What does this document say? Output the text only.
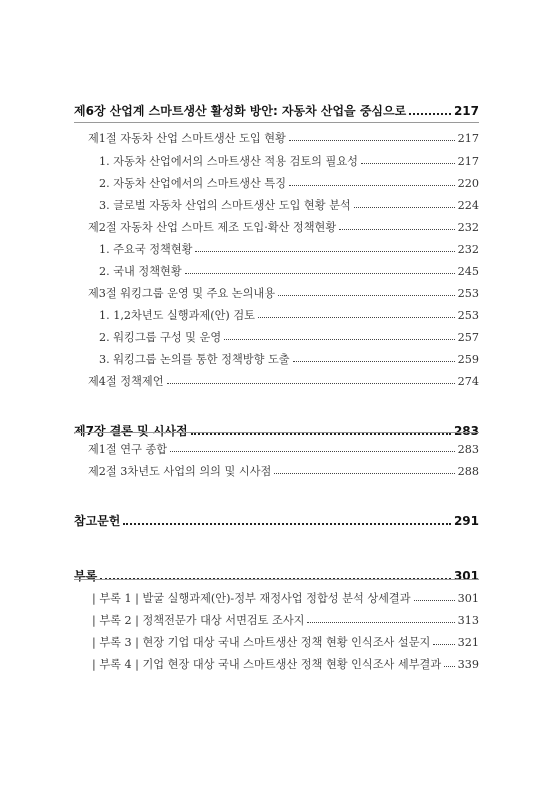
제6장 산업계 스마트생산 활성화 방안: 자동차 산업을 중심으로	217
제1절 자동차 산업 스마트생산 도입 현황	217
1. 자동차 산업에서의 스마트생산 적용 검토의 필요성	217
2. 자동차 산업에서의 스마트생산 특징	220
3. 글로벌 자동차 산업의 스마트생산 도입 현황 분석	224
제2절 자동차 산업 스마트 제조 도입·확산 정책현황	232
1. 주요국 정책현황	232
2. 국내 정책현황	245
제3절 워킹그룹 운영 및 주요 논의내용	253
1. 1,2차년도 실행과제(안) 검토	253
2. 워킹그룹 구성 및 운영	257
3. 워킹그룹 논의를 통한 정책방향 도출	259
제4절 정책제언	274
제7장 결론 및 시사점	283
제1절 연구 종합	283
제2절 3차년도 사업의 의의 및 시사점	288
참고문헌	291
부록	301
| 부록 1 | 발굴 실행과제(안)-정부 재정사업 정합성 분석 상세결과	301
| 부록 2 | 정책전문가 대상 서면검토 조사지	313
| 부록 3 | 현장 기업 대상 국내 스마트생산 정책 현황 인식조사 설문지 321
| 부록 4 | 기업 현장 대상 국내 스마트생산 정책 현황 인식조사 세부결과 339
